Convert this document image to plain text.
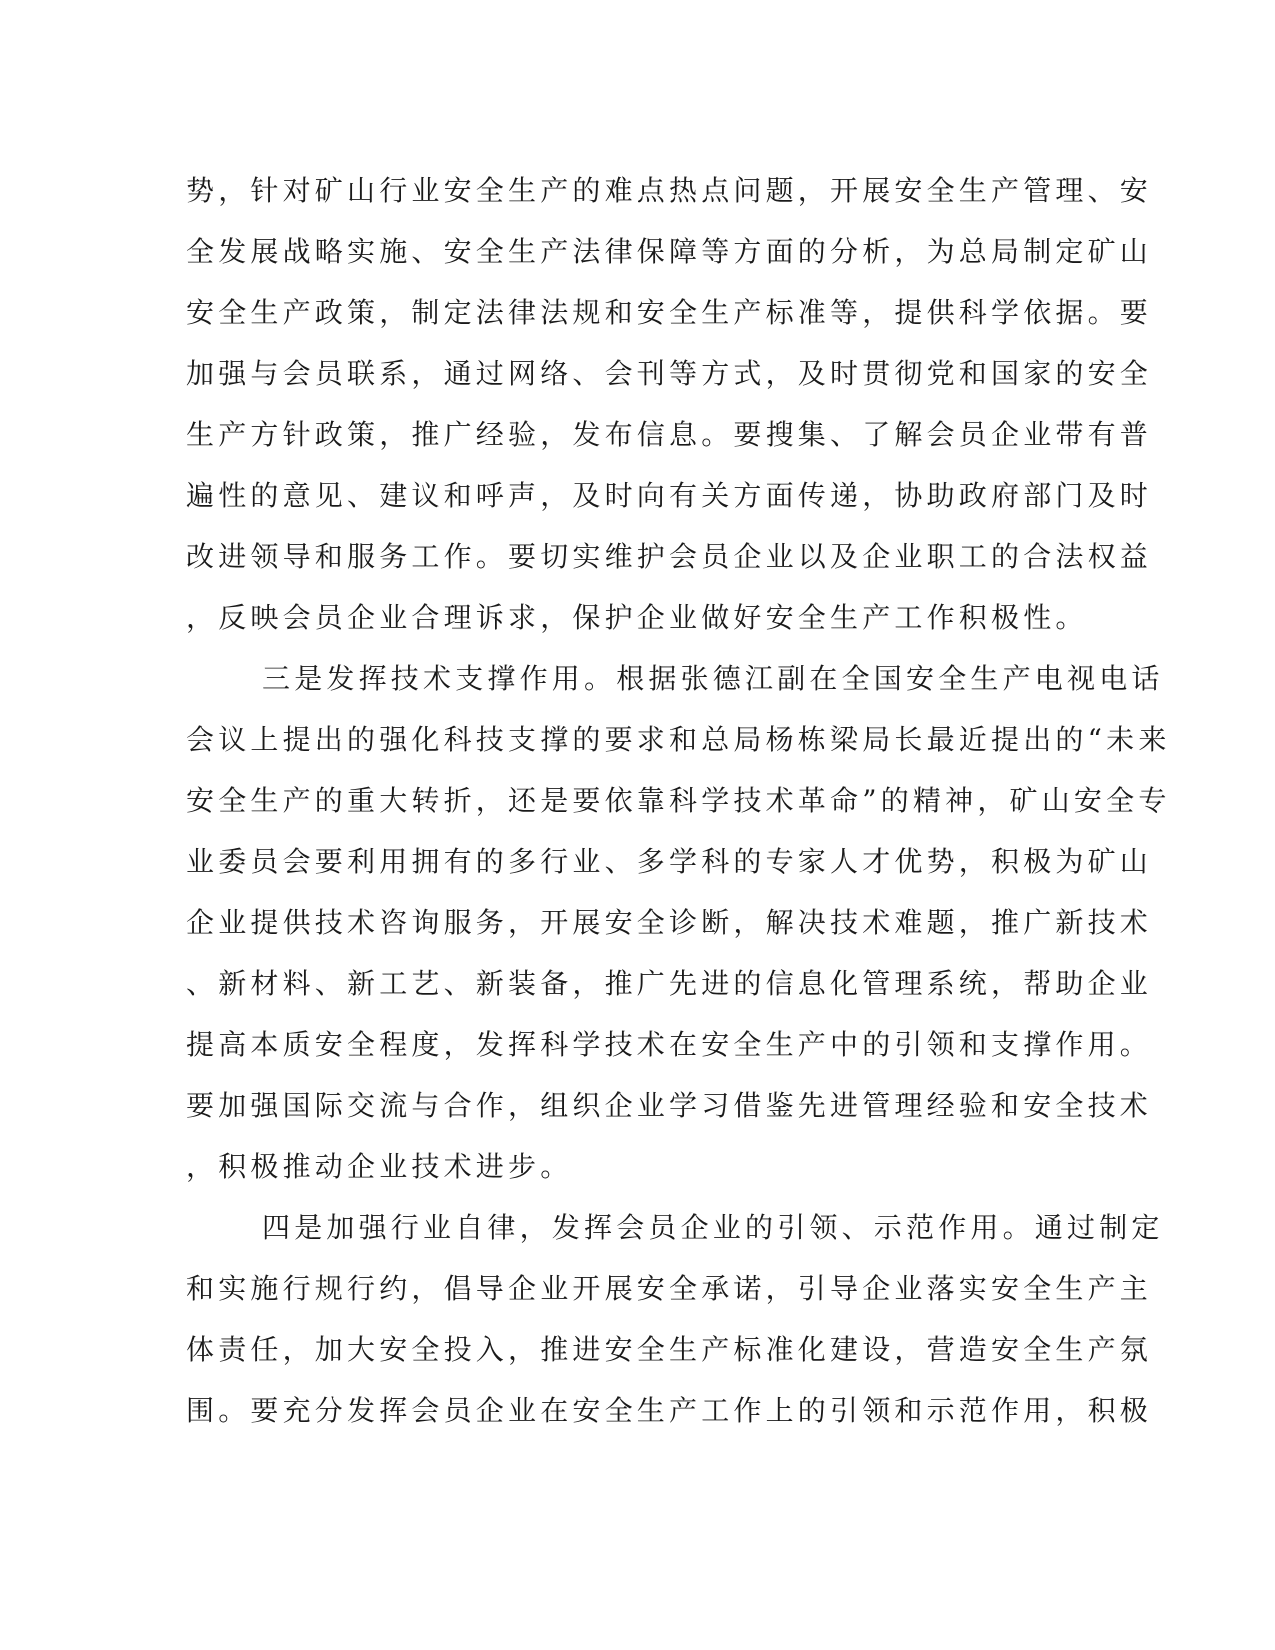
势，针对矿山行业安全生产的难点热点问题，开展安全生产管理、安
全发展战略实施、安全生产法律保障等方面的分析，为总局制定矿山
安全生产政策，制定法律法规和安全生产标准等，提供科学依据。要
加强与会员联系，通过网络、会刊等方式，及时贯彻党和国家的安全
生产方针政策，推广经验，发布信息。要搜集、了解会员企业带有普
遍性的意见、建议和呼声，及时向有关方面传递，协助政府部门及时
改进领导和服务工作。要切实维护会员企业以及企业职工的合法权益
，反映会员企业合理诉求，保护企业做好安全生产工作积极性。
三是发挥技术支撑作用。根据张德江副在全国安全生产电视电话
会议上提出的强化科技支撑的要求和总局杨栋梁局长最近提出的“未来
安全生产的重大转折，还是要依靠科学技术革命”的精神，矿山安全专
业委员会要利用拥有的多行业、多学科的专家人才优势，积极为矿山
企业提供技术咨询服务，开展安全诊断，解决技术难题，推广新技术
、新材料、新工艺、新装备，推广先进的信息化管理系统，帮助企业
提高本质安全程度，发挥科学技术在安全生产中的引领和支撑作用。
要加强国际交流与合作，组织企业学习借鉴先进管理经验和安全技术
，积极推动企业技术进步。
四是加强行业自律，发挥会员企业的引领、示范作用。通过制定
和实施行规行约，倡导企业开展安全承诺，引导企业落实安全生产主
体责任，加大安全投入，推进安全生产标准化建设，营造安全生产氛
围。要充分发挥会员企业在安全生产工作上的引领和示范作用，积极
